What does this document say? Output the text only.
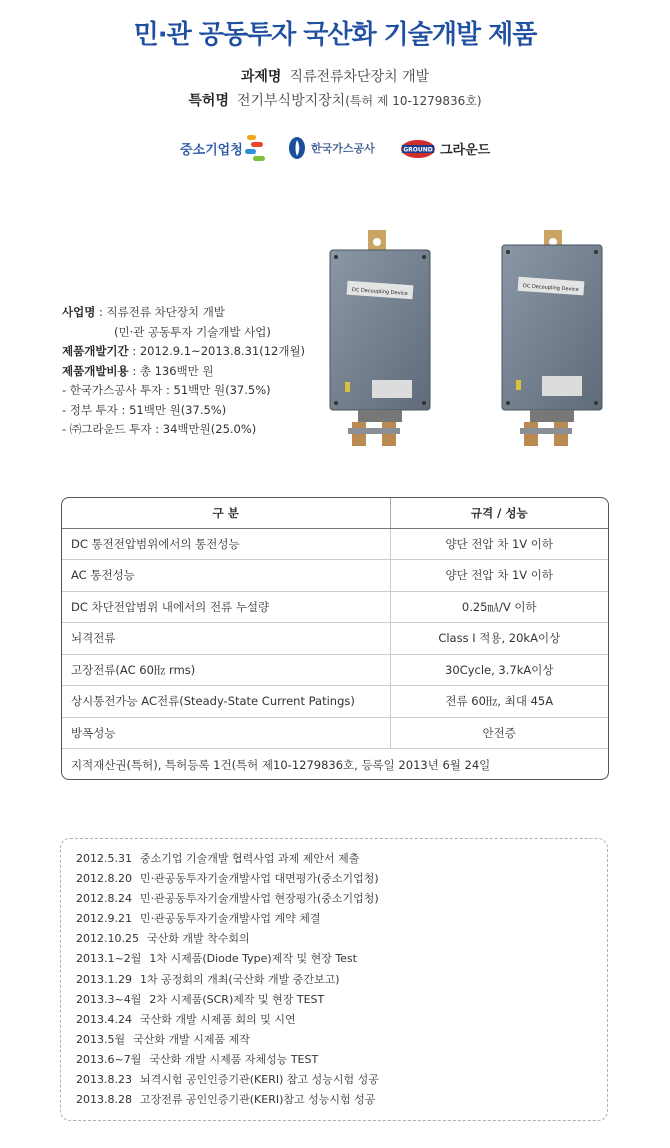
민·관 공동투자 국산화 기술개발 제품
과제명 직류전류차단장치 개발
특허명 전기부식방지장치(특허 제 10-1279836호)
중소기업청	한국가스공사	GROUND 그라운드
DC Decoupling Device	DC Decoupling Device
사업명 : 직류전류 차단장치 개발
(민·관 공동투자 기술개발 사업)
제품개발기간 : 2012.9.1~2013.8.31(12개월)
제품개발비용 : 총 136백만 원
- 한국가스공사 투자 : 51백만 원(37.5%)
- 정부 투자 : 51백만 원(37.5%)
- ㈜그라운드 투자 : 34백만원(25.0%)
구 분	규격 / 성능
DC 통전전압범위에서의 통전성능	양단 전압 차 1V 이하
AC 통전성능	양단 전압 차 1V 이하
DC 차단전압범위 내에서의 전류 누설량	0.25㎃/V 이하
뇌격전류	Class I 적용, 20kA이상
고장전류(AC 60㎐ rms)	30Cycle, 3.7kA이상
상시통전가능 AC전류(Steady-State Current Patings)	전류 60㎐, 최대 45A
방폭성능	안전증
지적재산권(특허), 특허등록 1건(특허 제10-1279836호, 등록일 2013년 6월 24일	
2012.5.31 중소기업 기술개발 협력사업 과제 제안서 제출
2012.8.20 민·관공동투자기술개발사업 대면평가(중소기업청)
2012.8.24 민·관공동투자기술개발사업 현장평가(중소기업청)
2012.9.21 민·관공동투자기술개발사업 계약 체결
2012.10.25 국산화 개발 착수회의
2013.1~2월 1차 시제품(Diode Type)제작 및 현장 Test
2013.1.29 1차 공정회의 개최(국산화 개발 중간보고)
2013.3~4월 2차 시제품(SCR)제작 및 현장 TEST
2013.4.24 국산화 개발 시제품 회의 및 시연
2013.5월 국산화 개발 시제품 제작
2013.6~7월 국산화 개발 시제품 자체성능 TEST
2013.8.23 뇌격시험 공인인증기관(KERI) 참고 성능시험 성공
2013.8.28 고장전류 공인인증기관(KERI)참고 성능시험 성공
